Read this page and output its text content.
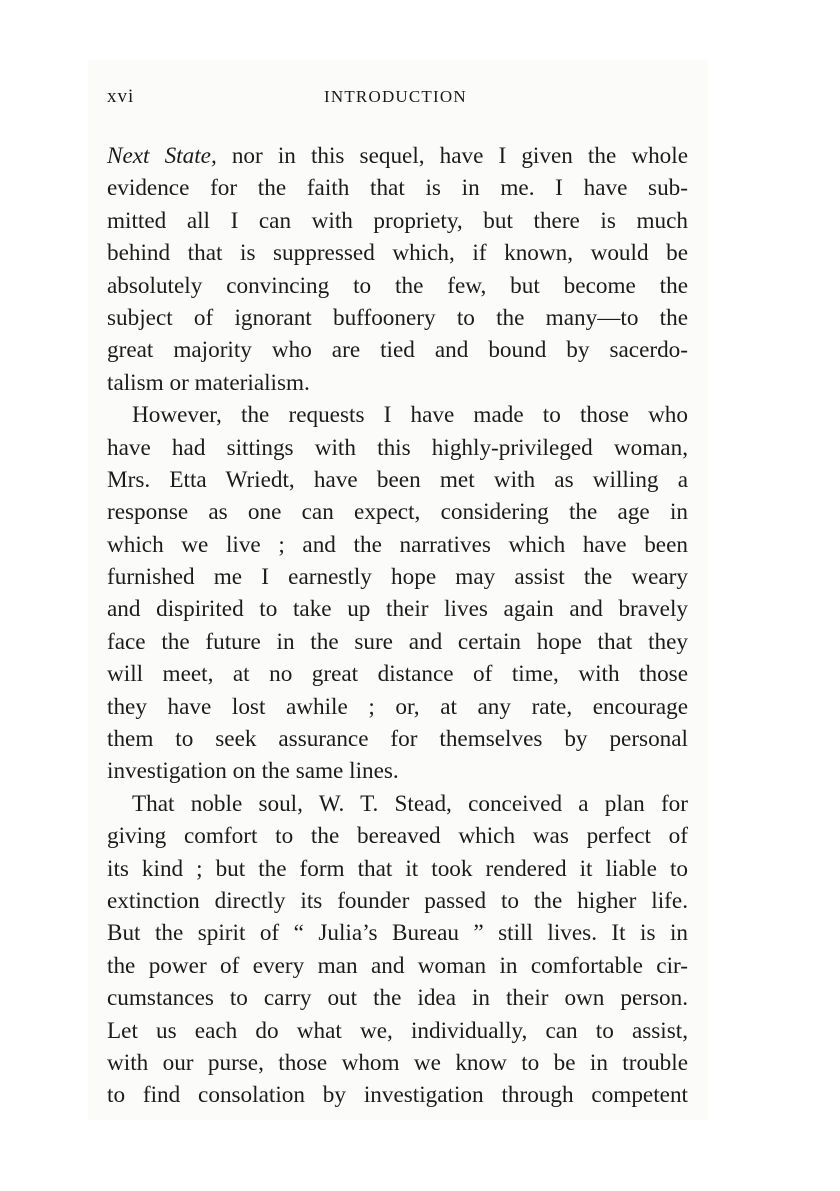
xvi	INTRODUCTION
Next State, nor in this sequel, have I given the whole
evidence for the faith that is in me. I have sub-
mitted all I can with propriety, but there is much
behind that is suppressed which, if known, would be
absolutely convincing to the few, but become the
subject of ignorant buffoonery to the many—to the
great majority who are tied and bound by sacerdo-
talism or materialism.
However, the requests I have made to those who
have had sittings with this highly-privileged woman,
Mrs. Etta Wriedt, have been met with as willing a
response as one can expect, considering the age in
which we live ; and the narratives which have been
furnished me I earnestly hope may assist the weary
and dispirited to take up their lives again and bravely
face the future in the sure and certain hope that they
will meet, at no great distance of time, with those
they have lost awhile ; or, at any rate, encourage
them to seek assurance for themselves by personal
investigation on the same lines.
That noble soul, W. T. Stead, conceived a plan for
giving comfort to the bereaved which was perfect of
its kind ; but the form that it took rendered it liable to
extinction directly its founder passed to the higher life.
But the spirit of “ Julia’s Bureau ” still lives. It is in
the power of every man and woman in comfortable cir-
cumstances to carry out the idea in their own person.
Let us each do what we, individually, can to assist,
with our purse, those whom we know to be in trouble
to find consolation by investigation through competent
